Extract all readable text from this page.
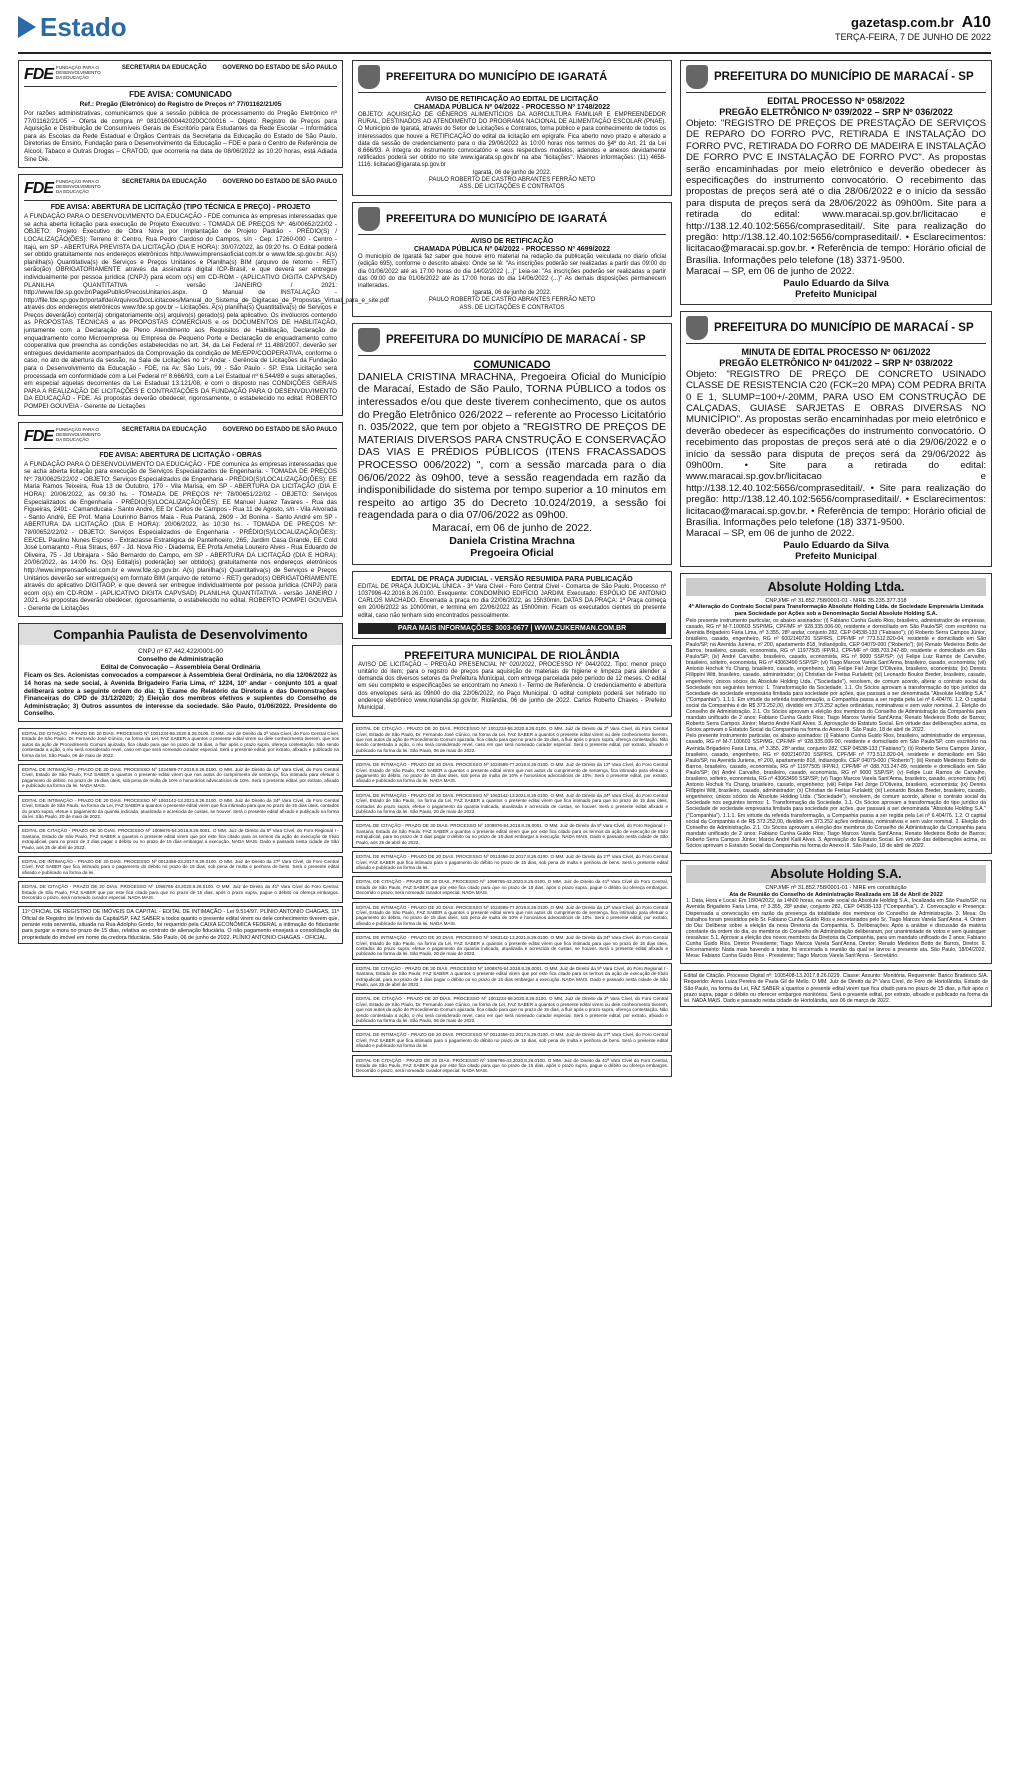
Estado	gazetasp.com.br A10
TERÇA-FEIRA, 7 DE JUNHO DE 2022
FDE FUNDAÇÃO PARA O DESENVOLVIMENTO DA EDUCAÇÃO
SECRETARIA DA EDUCAÇÃO	GOVERNO DO ESTADO DE SÃO PAULO
FDE AVISA: COMUNICADO
Ref.: Pregão (Eletrônico) do Registro de Preços nº 77/01162/21/05
Por razões administrativas, comunicamos que a sessão pública de processamento do Pregão Eletrônico nº 77/01162/21/05 – Oferta de compra nº 081016000442020OC00016 – Objeto: Registro de Preços para Aquisição e Distribuição de Consumíveis Gerais de Escritório para Estudantes da Rede Escolar – Informática para as Escolas da Rede Estadual e Órgãos Centrais da Secretaria da Educação do Estado de São Paulo, Diretorias de Ensino, Fundação para o Desenvolvimento da Educação – FDE e para o Centro de Referência de Alcool, Tabaco e Outras Drogas – CRATOD, que ocorreria na data de 08/06/2022 às 10:20 horas, está Adiada Sine Die.
FDE FUNDAÇÃO PARA O DESENVOLVIMENTO DA EDUCAÇÃO
SECRETARIA DA EDUCAÇÃO	GOVERNO DO ESTADO DE SÃO PAULO
FDE AVISA: ABERTURA DE LICITAÇÃO (TIPO TÉCNICA E PREÇO) - PROJETO
A FUNDAÇÃO PARA O DESENVOLVIMENTO DA EDUCAÇÃO - FDE comunica às empresas interessadas que se acha aberta licitação para execução de Projeto Executivo: - TOMADA DE PREÇOS Nº: 46/00652/22/02 - OBJETO: Projeto Executivo de Obra Nova por Implantação de Projeto Padrão - PRÉDIO(S) / LOCALIZAÇÃO(ÕES): Terreno 8: Centro, Rua Pedro Cardoso do Campos, s/n - Cep: 17260-000 - Centro - Itajú, em SP - ABERTURA PREVISTA DA LICITAÇÃO (DIA E HORA): 30/07/2022, às 09:20 hs. O Edital poderá ser obtido gratuitamente nos endereços eletrônicos http://www.imprensaoficial.com.br e www.fde.sp.gov.br. A(s) planilha(s) Quantitativa(s) de Serviços e Preços Unitários e Planilha(s) BIM (arquivo de retorno - RET) serão(ão) OBRIGATORIAMENTE através da assinatura digital ICP-Brasil, e que deverá ser entregue individualmente por pessoa jurídica (CNPJ) para ecom o(s) em CD-ROM - (APLICATIVO DIGITA CAPVSAD) PLANILHA QUANTITATIVA - versão JANEIRO / 2021: http://www.fde.sp.gov.br/PagePublic/PrecosUnitarios.aspx. O Manual de INSTALAÇÃO - http://file.fde.sp.gov.br/portalfde/Arquivos/DocLicitacoes/Manual_do_Sistema_de_Digitacao_de_Propostas_Virtual_para_e_site.pdf através dos endereços eletrônicos www.fde.sp.gov.br – Licitações. A(s) planilha(s) Quantitativa(s) de Serviços e Preços deverá(ão) conter(á) obrigatoriamente o(s) arquivo(s) gerado(s) pela aplicativo. Os invólucros contendo as PROPOSTAS TÉCNICAS e as PROPOSTAS COMERCIAIS e os DOCUMENTOS DE HABILITAÇÃO, juntamente com a Declaração de Pleno Atendimento aos Requisitos de Habilitação, Declaração de enquadramento como Microempresa ou Empresa de Pequeno Porte e Declaração de enquadramento como cooperativa que preencha as condições estabelecidas no art. 34, da Lei Federal nº 11.488/2007, deverão ser entregues devidamente acompanhados da Comprovação da condição de ME/EPP/COOPERATIVA, conforme o caso, no ato de abertura da sessão, na Sala de Licitações no 1º Andar - Gerência de Licitações da Fundação para o Desenvolvimento da Educação - FDE, na Av. São Luís, 99 - São Paulo - SP. Esta Licitação será processada em conformidade com a Lei Federal nº 8.666/93, com a Lei Estadual nº 6.544/89 e suas alterações, em especial aquelas decorrentes da Lei Estadual 13.121/08, e com o disposto nas CONDIÇÕES GERAIS PARA A REALIZAÇÃO DE LICITAÇÕES E CONTRATAÇÕES DA FUNDAÇÃO PARA O DESENVOLVIMENTO DA EDUCAÇÃO - FDE. As propostas deverão obedecer, rigorosamente, o estabelecido no edital. ROBERTO POMPEI GOUVEIA - Gerente de Licitações
FDE FUNDAÇÃO PARA O DESENVOLVIMENTO DA EDUCAÇÃO
SECRETARIA DA EDUCAÇÃO	GOVERNO DO ESTADO DE SÃO PAULO
FDE AVISA: ABERTURA DE LICITAÇÃO - OBRAS
A FUNDAÇÃO PARA O DESENVOLVIMENTO DA EDUCAÇÃO - FDE comunica às empresas interessadas que se acha aberta licitação para execução de Serviços Especializados de Engenharia: - TOMADA DE PREÇOS Nº: 78/00625/22/02 - OBJETO: Serviços Especializados de Engenharia - PRÉDIO(S)/LOCALIZAÇÃO(ÕES): EE Maria Ramos Teixeira, Rua 13 de Outubro, 170 - Vila Marisa, em SP - ABERTURA DA LICITAÇÃO (DIA E HORA): 20/06/2022, às 09:30 hs. - TOMADA DE PREÇOS Nº: 78/00651/22/02 - OBJETO: Serviços Especializados de Engenharia - PRÉDIO(S)/LOCALIZAÇÃO(ÕES): EE Manuel Juarez Tavares - Rua das Figueiras, 2491 - Camanducaia - Santo André, EE Dr Carlos de Campos - Rua 11 de Agosto, s/n - Vila Alvorada - Santo André, EE Prof. Maria Lourinho Barros Maia - Rua Paraná, 2609 - Jd Bonina - Santo André em SP - ABERTURA DA LICITAÇÃO (DIA E HORA): 20/06/2022, às 10:30 hs. - TOMADA DE PREÇOS Nº: 78/00652/22/02 - OBJETO: Serviços Especializados de Engenharia - PRÉDIO(S)/LOCALIZAÇÃO(ÕES): EE/CEL Paulino Nunes Esposo - Extraclasse Estratégica de Pantelhoeiro, 265, Jardim Casa Grande, EE Cold José Lomaranto - Rua Straus, 697 - Jd. Nova Rio - Diadema, EE Profa Amelia Loureiro Alves - Rua Eduardo de Oliveira, 75 - Jd Ubirajara - São Bernardo do Campo, em SP - ABERTURA DA LICITAÇÃO (DIA E HORA): 20/06/2022, às 14:00 hs. O(s) Edital(is) poderá(ão) ser obtido(s) gratuitamente nos endereços eletrônicos http://www.imprensaoficial.com.br e www.fde.sp.gov.br. A(s) planilha(s) Quantitativa(s) de Serviços e Preços Unitários deverão ser entregue(s) em formato BIM (arquivo de retorno - RET) gerado(s) OBRIGATORIAMENTE através do aplicativo DIGITAGP, e que deverá ser entregue individualmente por pessoa jurídica (CNPJ) para ecom o(s) em CD-ROM - (APLICATIVO DIGITA CAPVSAD) PLANILHA QUANTITATIVA - versão JANEIRO / 2021. As propostas deverão obedecer, rigorosamente, o estabelecido no edital. ROBERTO POMPEI GOUVEIA - Gerente de Licitações
Companhia Paulista de Desenvolvimento
CNPJ nº 67.442.422/0001-00
Conselho de Administração
Edital de Convocação – Assembleia Geral Ordinária
Ficam os Srs. Acionistas convocados a comparecer à Assembleia Geral Ordinária, no dia 12/06/2022 às 14 horas na sede social, à Avenida Brigadeiro Faria Lima, nº 1224, 10º andar - conjunto 101 a qual deliberará sobre a seguinte ordem do dia: 1) Exame do Relatório da Diretoria e das Demonstrações Financeiras do CPD de 31/12/2020; 2) Eleição dos membros efetivos e suplentes do Conselho de Administração; 3) Outros assuntos de interesse da sociedade. São Paulo, 01/06/2022. Presidente do Conselho.
EDITAL DE CITAÇÃO - PRAZO DE 20 DIAS. PROCESSO Nº 1001234-56.2020.8.26.0100. O MM. Juiz de Direito da 2ª Vara Cível, do Foro Central Cível, Estado de São Paulo, Dr. Fernando José Cúnico, na forma da Lei, FAZ SABER a quantos o presente edital virem ou dele conhecimento tiverem, que nos autos da ação de Procedimento Comum ajuizada, fica citado para que no prazo de 15 dias, a fluir após o prazo supra, ofereça contestação. Não sendo contestada a ação, o réu será considerado revel, caso em que será nomeado curador especial. Será o presente edital, por extrato, afixado e publicado na forma da lei. São Paulo, 06 de maio de 2022.
EDITAL DE INTIMAÇÃO - PRAZO DE 20 DIAS. PROCESSO Nº 1024589-77.2019.8.26.0100. O MM. Juiz de Direito da 12ª Vara Cível, do Foro Central Cível, Estado de São Paulo, FAZ SABER a quantos o presente edital virem que nos autos do cumprimento de sentença, fica intimado para efetuar o pagamento do débito, no prazo de 15 dias úteis, sob pena de multa de 10% e honorários advocatícios de 10%. Será o presente edital, por extrato, afixado e publicado na forma da lei. NADA MAIS.
EDITAL DE INTIMAÇÃO - PRAZO DE 20 DIAS. PROCESSO Nº 1063142-13.2021.8.26.0100. O MM. Juiz de Direito da 34ª Vara Cível, do Foro Central Cível, Estado de São Paulo, na forma da Lei, FAZ SABER a quantos o presente edital virem que fica intimado para que no prazo de 15 dias úteis, contados do prazo supra, efetue o pagamento da quantia indicada, atualizada e acrescida de custas, se houver. Será o presente edital afixado e publicado na forma da lei. São Paulo, 20 de maio de 2022.
EDITAL DE CITAÇÃO - PRAZO DE 30 DIAS. PROCESSO Nº 1009876-54.2018.8.26.0001. O MM. Juiz de Direito da 5ª Vara Cível, do Foro Regional I - Santana, Estado de São Paulo, FAZ SABER a quantos o presente edital virem que por este fica citado para os termos da ação de execução de título extrajudicial, para no prazo de 3 dias pagar o débito ou no prazo de 15 dias embargar a execução. NADA MAIS. Dado e passado nesta cidade de São Paulo, aos 25 de abril de 2022.
EDITAL DE INTIMAÇÃO - PRAZO DE 20 DIAS. PROCESSO Nº 0013456-22.2017.8.26.0100. O MM. Juiz de Direito da 27ª Vara Cível, do Foro Central Cível, FAZ SABER que fica intimado para o pagamento do débito no prazo de 15 dias, sob pena de multa e penhora de bens. Será o presente edital afixado e publicado na forma da lei.
EDITAL DE CITAÇÃO - PRAZO DE 20 DIAS. PROCESSO Nº 1098765-43.2020.8.26.0100. O MM. Juiz de Direito da 41ª Vara Cível do Foro Central, Estado de São Paulo, FAZ SABER que por este fica citado para que no prazo de 15 dias, após o prazo supra, pague o débito ou ofereça embargos. Decorrido o prazo, será nomeado curador especial. NADA MAIS.
11º OFICIAL DE REGISTRO DE IMÓVEIS DA CAPITAL - EDITAL DE INTIMAÇÃO - Lei 9.514/97. PLÍNIO ANTONIO CHAGAS, 11º Oficial de Registro de Imóveis da Capital/SP, FAZ SABER a todos quanto o presente edital virem ou dele conhecimento tiverem que, perante esta serventia, situada na Rua Adolpho Gordo, foi requerido pela CAIXA ECONÔMICA FEDERAL a intimação do fiduciante para purgar a mora no prazo de 15 dias, relativa ao contrato de alienação fiduciária. O não pagamento ensejará a consolidação da propriedade do imóvel em nome da credora fiduciária. São Paulo, 06 de junho de 2022. PLÍNIO ANTONIO CHAGAS - OFICIAL.
PREFEITURA DO MUNICÍPIO DE IGARATÁ
AVISO DE RETIFICAÇÃO AO EDITAL DE LICITAÇÃO
CHAMADA PÚBLICA Nº 04/2022 - PROCESSO Nº 1748/2022
OBJETO: AQUISIÇÃO DE GÊNEROS ALIMENTÍCIOS DA AGRICULTURA FAMILIAR E EMPREENDEDOR RURAL, DESTINADOS AO ATENDIMENTO DO PROGRAMA NACIONAL DE ALIMENTAÇÃO ESCOLAR (PNAE). O Município de Igaratá, através do Setor de Licitações e Contratos, torna público e para conhecimento de todos os interessados que houve a RETIFICAÇÃO do edital da licitação em epígrafe. Fica aberto novo prazo e alterado a data da sessão de credenciamento para o dia 29/06/2022 às 10:00 horas nos termos do §4º do Art. 21 da Lei 8.666/93. A íntegra do instrumento convocatório e seus respectivos modelos, adendos e anexos devidamente retificados poderá ser obtido no site www.igarata.sp.gov.br na aba "licitações". Maiores informações: (11) 4658-1116. licitacao@igarata.sp.gov.br
Igaratá, 06 de junho de 2022.
PAULO ROBERTO DE CASTRO ABRANTES FERRÃO NETO
ASS. DE LICITAÇÕES E CONTRATOS
PREFEITURA DO MUNICÍPIO DE IGARATÁ
AVISO DE RETIFICAÇÃO
CHAMADA PÚBLICA Nº 04/2022 - PROCESSO Nº 4699/2022
O município de Igaratá faz saber que houve erro material na redação da publicação veiculada no diário oficial (edição 695), conforme o descrito abaixo: Onde se lê: "As inscrições poderão ser realizadas a partir das 09:00 do dia 01/06/2022 até as 17:00 horas do dia 14/02/2022 (...)" Leia-se: "As inscrições poderão ser realizadas a partir das 09:00 do dia 01/06/2022 até às 17:00 horas do dia 14/06/2022 (...)" As demais disposições permanecem inalteradas.
Igaratá, 06 de junho de 2022.
PAULO ROBERTO DE CASTRO ABRANTES FERRÃO NETO
ASS. DE LICITAÇÕES E CONTRATOS
PREFEITURA DO MUNICÍPIO DE MARACAÍ - SP
COMUNICADO
DANIELA CRISTINA MRACHNA, Pregoeira Oficial do Município de Maracaí, Estado de São Paulo, TORNA PÚBLICO a todos os interessados e/ou que deste tiverem conhecimento, que os autos do Pregão Eletrônico 026/2022 – referente ao Processo Licitatório n. 035/2022, que tem por objeto a "REGISTRO DE PREÇOS DE MATERIAIS DIVERSOS PARA CNSTRUÇÃO E CONSERVAÇÃO DAS VIAS E PRÉDIOS PÚBLICOS (ITENS FRACASSADOS PROCESSO 006/2022) ", com a sessão marcada para o dia 06/06/2022 às 09h00, teve a sessão reagendada em razão da indisponibilidade do sistema por tempo superior a 10 minutos em respeito ao artigo 35 do Decreto 10.024/2019, a sessão foi reagendada para o dia 07/06/2022 as 09h00.
Maracaí, em 06 de junho de 2022.
Daniela Cristina Mrachna
Pregoeira Oficial
EDITAL DE PRAÇA JUDICIAL - VERSÃO RESUMIDA PARA PUBLICAÇÃO
EDITAL DE PRAÇA JUDICIAL ÚNICA - 3ª Vara Cível - Foro Central Cível - Comarca de São Paulo. Processo nº 1037996-42.2016.8.26.0100. Exequente: CONDOMÍNIO EDIFÍCIO JARDIM. Executado: ESPÓLIO DE ANTONIO CARLOS MACHADO. Encerrada a praça no dia 22/06/2022, às 15h30min. DATAS DA PRAÇA: 1ª Praça começa em 20/06/2022 às 10h00min, e termina em 22/06/2022 às 15h00min. Ficam os executados cientes do presente edital, caso não tenham sido encontrados pessoalmente.
PARA MAIS INFORMAÇÕES: 3003-0677 | WWW.ZUKERMAN.COM.BR
PREFEITURA MUNICIPAL DE RIOLÂNDIA
AVISO DE LICITAÇÃO – PREGÃO PRESENCIAL Nº 020/2022, PROCESSO Nº 044/2022. Tipo: menor preço unitário do item; para o registro de preços para aquisição de materiais de higiene e limpeza para atender a demanda dos diversos setores da Prefeitura Municipal, com entrega parcelada pelo período de 12 meses. O edital em seu completo e especificações se encontram no Anexo I - Termo de Referência. O credenciamento e abertura dos envelopes será às 09h00 do dia 22/06/2022, no Paço Municipal. O edital completo poderá ser retirado no endereço eletrônico www.riolandia.sp.gov.br. Riolândia, 06 de junho de 2022. Carlos Roberto Chaves - Prefeito Municipal.
EDITAL DE CITAÇÃO - PRAZO DE 20 DIAS. PROCESSO Nº 1001234-56.2020.8.26.0100. O MM. Juiz de Direito da 2ª Vara Cível, do Foro Central Cível, Estado de São Paulo, Dr. Fernando José Cúnico, na forma da Lei, FAZ SABER a quantos o presente edital virem ou dele conhecimento tiverem, que nos autos da ação de Procedimento Comum ajuizada, fica citado para que no prazo de 15 dias, a fluir após o prazo supra, ofereça contestação. Não sendo contestada a ação, o réu será considerado revel, caso em que será nomeado curador especial. Será o presente edital, por extrato, afixado e publicado na forma da lei. São Paulo, 06 de maio de 2022.
EDITAL DE INTIMAÇÃO - PRAZO DE 20 DIAS. PROCESSO Nº 1024589-77.2019.8.26.0100. O MM. Juiz de Direito da 12ª Vara Cível, do Foro Central Cível, Estado de São Paulo, FAZ SABER a quantos o presente edital virem que nos autos do cumprimento de sentença, fica intimado para efetuar o pagamento do débito, no prazo de 15 dias úteis, sob pena de multa de 10% e honorários advocatícios de 10%. Será o presente edital, por extrato, afixado e publicado na forma da lei. NADA MAIS.
EDITAL DE INTIMAÇÃO - PRAZO DE 20 DIAS. PROCESSO Nº 1063142-13.2021.8.26.0100. O MM. Juiz de Direito da 34ª Vara Cível, do Foro Central Cível, Estado de São Paulo, na forma da Lei, FAZ SABER a quantos o presente edital virem que fica intimado para que no prazo de 15 dias úteis, contados do prazo supra, efetue o pagamento da quantia indicada, atualizada e acrescida de custas, se houver. Será o presente edital afixado e publicado na forma da lei. São Paulo, 20 de maio de 2022.
EDITAL DE CITAÇÃO - PRAZO DE 30 DIAS. PROCESSO Nº 1009876-54.2018.8.26.0001. O MM. Juiz de Direito da 5ª Vara Cível, do Foro Regional I - Santana, Estado de São Paulo, FAZ SABER a quantos o presente edital virem que por este fica citado para os termos da ação de execução de título extrajudicial, para no prazo de 3 dias pagar o débito ou no prazo de 15 dias embargar a execução. NADA MAIS. Dado e passado nesta cidade de São Paulo, aos 25 de abril de 2022.
EDITAL DE INTIMAÇÃO - PRAZO DE 20 DIAS. PROCESSO Nº 0013456-22.2017.8.26.0100. O MM. Juiz de Direito da 27ª Vara Cível, do Foro Central Cível, FAZ SABER que fica intimado para o pagamento do débito no prazo de 15 dias, sob pena de multa e penhora de bens. Será o presente edital afixado e publicado na forma da lei.
EDITAL DE CITAÇÃO - PRAZO DE 20 DIAS. PROCESSO Nº 1098765-43.2020.8.26.0100. O MM. Juiz de Direito da 41ª Vara Cível do Foro Central, Estado de São Paulo, FAZ SABER que por este fica citado para que no prazo de 15 dias, após o prazo supra, pague o débito ou ofereça embargos. Decorrido o prazo, será nomeado curador especial. NADA MAIS.
EDITAL DE INTIMAÇÃO - PRAZO DE 20 DIAS. PROCESSO Nº 1024589-77.2019.8.26.0100. O MM. Juiz de Direito da 12ª Vara Cível, do Foro Central Cível, Estado de São Paulo, FAZ SABER a quantos o presente edital virem que nos autos do cumprimento de sentença, fica intimado para efetuar o pagamento do débito, no prazo de 15 dias úteis, sob pena de multa de 10% e honorários advocatícios de 10%. Será o presente edital, por extrato, afixado e publicado na forma da lei. NADA MAIS.
EDITAL DE INTIMAÇÃO - PRAZO DE 20 DIAS. PROCESSO Nº 1063142-13.2021.8.26.0100. O MM. Juiz de Direito da 34ª Vara Cível, do Foro Central Cível, Estado de São Paulo, na forma da Lei, FAZ SABER a quantos o presente edital virem que fica intimado para que no prazo de 15 dias úteis, contados do prazo supra, efetue o pagamento da quantia indicada, atualizada e acrescida de custas, se houver. Será o presente edital afixado e publicado na forma da lei. São Paulo, 20 de maio de 2022.
EDITAL DE CITAÇÃO - PRAZO DE 30 DIAS. PROCESSO Nº 1009876-54.2018.8.26.0001. O MM. Juiz de Direito da 5ª Vara Cível, do Foro Regional I - Santana, Estado de São Paulo, FAZ SABER a quantos o presente edital virem que por este fica citado para os termos da ação de execução de título extrajudicial, para no prazo de 3 dias pagar o débito ou no prazo de 15 dias embargar a execução. NADA MAIS. Dado e passado nesta cidade de São Paulo, aos 25 de abril de 2022.
EDITAL DE CITAÇÃO - PRAZO DE 20 DIAS. PROCESSO Nº 1001234-56.2020.8.26.0100. O MM. Juiz de Direito da 2ª Vara Cível, do Foro Central Cível, Estado de São Paulo, Dr. Fernando José Cúnico, na forma da Lei, FAZ SABER a quantos o presente edital virem ou dele conhecimento tiverem, que nos autos da ação de Procedimento Comum ajuizada, fica citado para que no prazo de 15 dias, a fluir após o prazo supra, ofereça contestação. Não sendo contestada a ação, o réu será considerado revel, caso em que será nomeado curador especial. Será o presente edital, por extrato, afixado e publicado na forma da lei. São Paulo, 06 de maio de 2022.
EDITAL DE INTIMAÇÃO - PRAZO DE 20 DIAS. PROCESSO Nº 0013456-22.2017.8.26.0100. O MM. Juiz de Direito da 27ª Vara Cível, do Foro Central Cível, FAZ SABER que fica intimado para o pagamento do débito no prazo de 15 dias, sob pena de multa e penhora de bens. Será o presente edital afixado e publicado na forma da lei.
EDITAL DE CITAÇÃO - PRAZO DE 20 DIAS. PROCESSO Nº 1098765-43.2020.8.26.0100. O MM. Juiz de Direito da 41ª Vara Cível do Foro Central, Estado de São Paulo, FAZ SABER que por este fica citado para que no prazo de 15 dias, após o prazo supra, pague o débito ou ofereça embargos. Decorrido o prazo, será nomeado curador especial. NADA MAIS.
PREFEITURA DO MUNICÍPIO DE MARACAÍ - SP
EDITAL PROCESSO Nº 058/2022
PREGÃO ELETRÔNICO Nº 039/2022 – SRP Nº 036/2022
Objeto: "REGISTRO DE PREÇOS DE PRESTAÇÃO DE SERVIÇOS DE REPARO DO FORRO PVC, RETIRADA E INSTALAÇÃO DO FORRO PVC, RETIRADA DO FORRO DE MADEIRA E INSTALAÇÃO DE FORRO PVC E INSTALAÇÃO DE FORRO PVC". As propostas serão encaminhadas por meio eletrônico e deverão obedecer às especificações do instrumento convocatório. O recebimento das propostas de preços será até o dia 28/06/2022 e o início da sessão para disputa de preços será da 28/06/2022 às 09h00m. Site para a retirada do edital: www.maracai.sp.gov.br/licitacao e http://138.12.40.102:5656/compraseditail/. Site para realização do pregão: http://138.12.40.102:5656/compraseditail/. • Esclarecimentos: licitacao@maracai.sp.gov.br. • Referência de tempo: Horário oficial de Brasília. Informações pelo telefone (18) 3371-9500.
Maracaí – SP, em 06 de junho de 2022.
Paulo Eduardo da Silva
Prefeito Municipal
PREFEITURA DO MUNICÍPIO DE MARACAÍ - SP
MINUTA DE EDITAL PROCESSO Nº 061/2022
PREGÃO ELETRÔNICO Nº 041/2022 – SRP Nº 038/2022
Objeto: "REGISTRO DE PREÇO DE CONCRETO USINADO CLASSE DE RESISTENCIA C20 (FCK=20 MPA) COM PEDRA BRITA 0 E 1, SLUMP=100+/-20MM, PARA USO EM CONSTRUÇÃO DE CALÇADAS, GUIASE SARJETAS E OBRAS DIVERSAS NO MUNICÍPIO". As propostas serão encaminhadas por meio eletrônico e deverão obedecer às especificações do instrumento convocatório. O recebimento das propostas de preços será até o dia 29/06/2022 e o início da sessão para disputa de preços será da 29/06/2022 às 09h00m. • Site para a retirada do edital: www.maracai.sp.gov.br/licitacao e http://138.12.40.102:5656/compraseditail/. • Site para realização do pregão: http://138.12.40.102:5656/compraseditail/. • Esclarecimentos: licitacao@maracai.sp.gov.br. • Referência de tempo: Horário oficial de Brasília. Informações pelo telefone (18) 3371-9500.
Maracaí – SP, em 06 de junho de 2022.
Paulo Eduardo da Silva
Prefeito Municipal
Absolute Holding Ltda.
CNPJ/MF nº 31.852.758/0001-01 - NIRE 35.235.377.318
4ª Alteração do Contrato Social para Transformação Absolute Holding Ltda. de Sociedade Empresária Limitada para Sociedade por Ações sob a Denominação Social Absolute Holding S.A.
Pelo presente instrumento particular, os abaixo assinados: (i) Fabiano Cunha Guido Rios, brasileiro, administrador de empresas, casado, RG nº M-7.100603 SSP/MG, CPF/MF nº 928.335.006-90, residente e domiciliado em São Paulo/SP, com escritório na Avenida Brigadeiro Faria Lima, nº 3.355, 28º andar, conjunto 282, CEP 04538-133 ("Fabiano"); (ii) Roberto Serra Campos Júnior, brasileiro, casado, engenheiro, RG nº 6002140720 SSP/RS, CPF/MF nº 773.512.820-04, residente e domiciliado em São Paulo/SP, na Avenida Juriena, nº 200, apartamento 818, Indianópolis, CEP 04079-000 ("Roberto"); (iii) Renato Medeiros Botto de Barros, brasileiro, casado, economista, RG nº 11977505 IFP/RJ, CPF/MF nº 088.703.247-89, residente e domiciliado em São Paulo/SP; (iv) André Carvalho, brasileiro, casado, economista, RG nº 9000 SSP/SP; (v) Felipe Luiz Ramos de Carvalho, brasileiro, solteiro, economista, RG nº 43063490 SSP/SP; (vi) Tiago Marcos Varela Sant'Anna, brasileiro, casado, economista; (vii) Antonio Hochuk Yu Chang, brasileiro, casado, engenheiro; (viii) Felipe Fiel Jorge D'Oliveira, brasileiro, economista; (ix) Dennis Fillippini Witt, brasileiro, casado, administrador; (x) Christian de Freitas Furlaletti; (xi) Leonardo Boulos Breder, brasileiro, casado, engenheiro; únicos sócios da Absolute Holding Ltda. ("Sociedade"), resolvem, de comum acordo, alterar o contrato social da Sociedade nos seguintes termos: 1. Transformação da Sociedade. 1.1. Os Sócios aprovam a transformação do tipo jurídico da Sociedade de sociedade empresária limitada para sociedade por ações, que passará a ser denominada "Absolute Holding S.A." ("Companhia"). 1.1.1. Em virtude da referida transformação, a Companhia passa a ser regida pela Lei nº 6.404/76. 1.2. O capital social da Companhia é de R$ 373.252,00, dividido em 373.252 ações ordinárias, nominativas e sem valor nominal. 2. Eleição do Conselho de Administração. 2.1. Os Sócios aprovam a eleição dos membros do Conselho de Administração da Companhia para mandato unificado de 2 anos: Fabiano Cunha Guido Rios; Tiago Marcos Varela Sant'Anna; Renato Medeiros Botto de Barros; Roberto Serra Campos Júnior; Marcio André Kalil Alves. 3. Aprovação do Estatuto Social. Em virtude das deliberações acima, os Sócios aprovam o Estatuto Social da Companhia na forma do Anexo III. São Paulo, 18 de abril de 2022.
Pelo presente instrumento particular, os abaixo assinados: (i) Fabiano Cunha Guido Rios, brasileiro, administrador de empresas, casado, RG nº M-7.100603 SSP/MG, CPF/MF nº 928.335.006-90, residente e domiciliado em São Paulo/SP, com escritório na Avenida Brigadeiro Faria Lima, nº 3.355, 28º andar, conjunto 282, CEP 04538-133 ("Fabiano"); (ii) Roberto Serra Campos Júnior, brasileiro, casado, engenheiro, RG nº 6002140720 SSP/RS, CPF/MF nº 773.512.820-04, residente e domiciliado em São Paulo/SP, na Avenida Juriena, nº 200, apartamento 818, Indianópolis, CEP 04079-000 ("Roberto"); (iii) Renato Medeiros Botto de Barros, brasileiro, casado, economista, RG nº 11977505 IFP/RJ, CPF/MF nº 088.703.247-89, residente e domiciliado em São Paulo/SP; (iv) André Carvalho, brasileiro, casado, economista, RG nº 9000 SSP/SP; (v) Felipe Luiz Ramos de Carvalho, brasileiro, solteiro, economista, RG nº 43063490 SSP/SP; (vi) Tiago Marcos Varela Sant'Anna, brasileiro, casado, economista; (vii) Antonio Hochuk Yu Chang, brasileiro, casado, engenheiro; (viii) Felipe Fiel Jorge D'Oliveira, brasileiro, economista; (ix) Dennis Fillippini Witt, brasileiro, casado, administrador; (x) Christian de Freitas Furlaletti; (xi) Leonardo Boulos Breder, brasileiro, casado, engenheiro; únicos sócios da Absolute Holding Ltda. ("Sociedade"), resolvem, de comum acordo, alterar o contrato social da Sociedade nos seguintes termos: 1. Transformação da Sociedade. 1.1. Os Sócios aprovam a transformação do tipo jurídico da Sociedade de sociedade empresária limitada para sociedade por ações, que passará a ser denominada "Absolute Holding S.A." ("Companhia"). 1.1.1. Em virtude da referida transformação, a Companhia passa a ser regida pela Lei nº 6.404/76. 1.2. O capital social da Companhia é de R$ 373.252,00, dividido em 373.252 ações ordinárias, nominativas e sem valor nominal. 2. Eleição do Conselho de Administração. 2.1. Os Sócios aprovam a eleição dos membros do Conselho de Administração da Companhia para mandato unificado de 2 anos: Fabiano Cunha Guido Rios; Tiago Marcos Varela Sant'Anna; Renato Medeiros Botto de Barros; Roberto Serra Campos Júnior; Marcio André Kalil Alves. 3. Aprovação do Estatuto Social. Em virtude das deliberações acima, os Sócios aprovam o Estatuto Social da Companhia na forma do Anexo III. São Paulo, 18 de abril de 2022.
Absolute Holding S.A.
CNPJ/MF nº 31.852.758/0001-01 - NIRE em constituição
Ata de Reunião do Conselho de Administração Realizada em 18 de Abril de 2022
1. Data, Hora e Local: Em 18/04/2022, às 14h00 horas, na sede social da Absolute Holding S.A., localizada em São Paulo/SP, na Avenida Brigadeiro Faria Lima, nº 3.355, 28º andar, conjunto 282, CEP 04538-133 ("Companhia"). 2. Convocação e Presença: Dispensada a convocação em razão da presença da totalidade dos membros do Conselho de Administração. 3. Mesa: Os trabalhos foram presididos pelo Sr. Fabiano Cunha Guido Rios e secretariados pelo Sr. Tiago Marcos Varela Sant'Anna. 4. Ordem do Dia: Deliberar sobre a eleição da nova Diretoria da Companhia. 5. Deliberações: Após a análise e discussão da matéria constante da ordem do dia, os membros do Conselho de Administração deliberaram, por unanimidade de votos e sem quaisquer ressalvas: 5.1. Aprovar a eleição dos novos membros da Diretoria da Companhia, para um mandato unificado de 2 anos: Fabiano Cunha Guido Rios, Diretor Presidente; Tiago Marcos Varela Sant'Anna, Diretor; Renato Medeiros Botto de Barros, Diretor. 6. Encerramento: Nada mais havendo a tratar, foi encerrada a reunião da qual se lavrou a presente ata. São Paulo, 18/04/2022. Mesa: Fabiano Cunha Guido Rios - Presidente; Tiago Marcos Varela Sant'Anna - Secretário.
Edital de Citação. Processo Digital nº: 1005408-13.2017.8.26.0229. Classe: Assunto: Monitória. Requerente: Banco Bradesco S/A. Requerido: Anna Luiza Pereira de Paula Gil de Mello. O MM. Juiz de Direito da 2ª Vara Cível, do Foro de Hortolândia, Estado de São Paulo, na forma da Lei, FAZ SABER a quantos o presente edital virem que fica citado para no prazo de 15 dias, a fluir após o prazo supra, pagar o débito ou oferecer embargos monitórios. Será o presente edital, por extrato, afixado e publicado na forma da lei. NADA MAIS. Dado e passado nesta cidade de Hortolândia, aos 06 de março de 2022.
